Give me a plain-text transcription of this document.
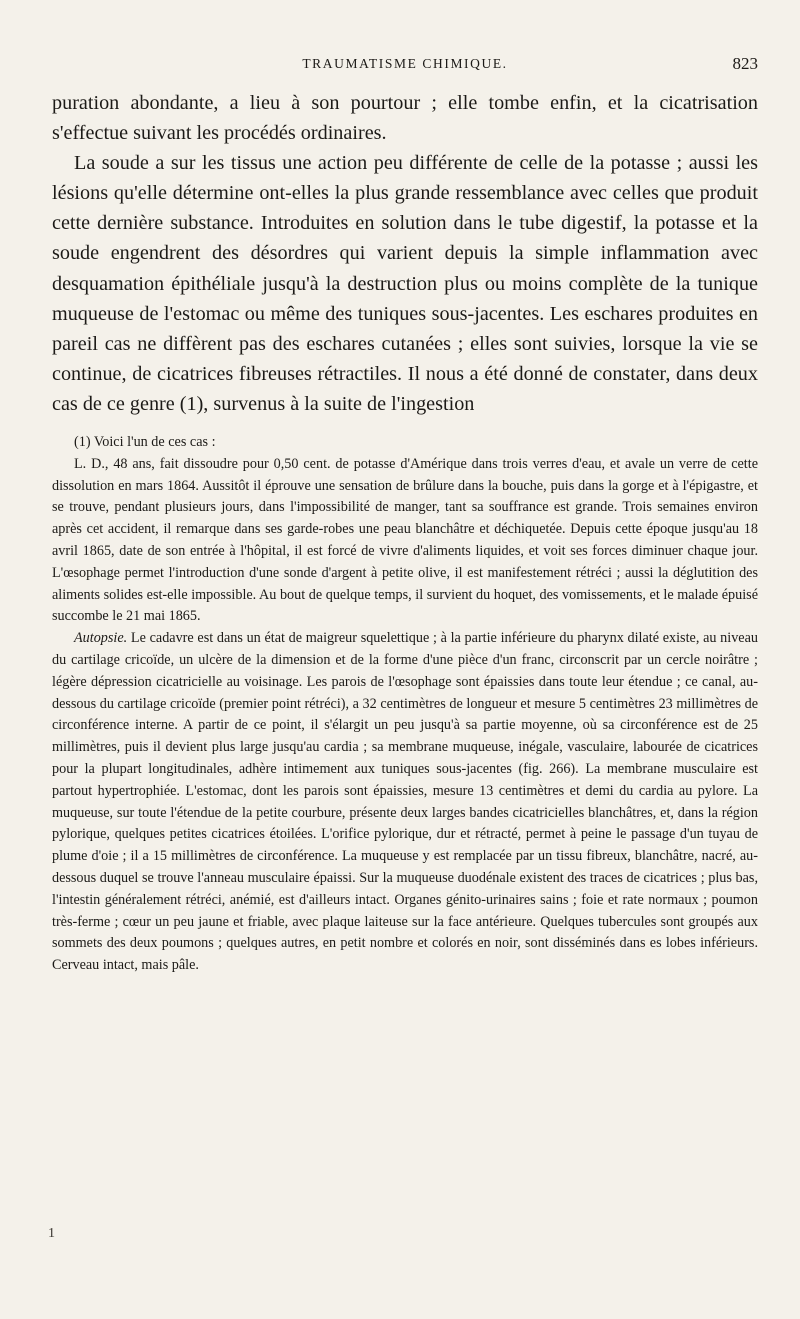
TRAUMATISME CHIMIQUE.	823

puration abondante, a lieu à son pourtour ; elle tombe enfin, et la cicatrisation s'effectue suivant les procédés ordinaires.

La soude a sur les tissus une action peu différente de celle de la potasse ; aussi les lésions qu'elle détermine ont-elles la plus grande ressemblance avec celles que produit cette dernière substance. Introduites en solution dans le tube digestif, la potasse et la soude engendrent des désordres qui varient depuis la simple inflammation avec desquamation épithéliale jusqu'à la destruction plus ou moins complète de la tunique muqueuse de l'estomac ou même des tuniques sous-jacentes. Les eschares produites en pareil cas ne diffèrent pas des eschares cutanées ; elles sont suivies, lorsque la vie se continue, de cicatrices fibreuses rétractiles. Il nous a été donné de constater, dans deux cas de ce genre (1), survenus à la suite de l'ingestion

(1) Voici l'un de ces cas :

L. D., 48 ans, fait dissoudre pour 0,50 cent. de potasse d'Amérique dans trois verres d'eau, et avale un verre de cette dissolution en mars 1864. Aussitôt il éprouve une sensation de brûlure dans la bouche, puis dans la gorge et à l'épigastre, et se trouve, pendant plusieurs jours, dans l'impossibilité de manger, tant sa souffrance est grande. Trois semaines environ après cet accident, il remarque dans ses garde-robes une peau blanchâtre et déchiquetée. Depuis cette époque jusqu'au 18 avril 1865, date de son entrée à l'hôpital, il est forcé de vivre d'aliments liquides, et voit ses forces diminuer chaque jour. L'œsophage permet l'introduction d'une sonde d'argent à petite olive, il est manifestement rétréci ; aussi la déglutition des aliments solides est-elle impossible. Au bout de quelque temps, il survient du hoquet, des vomissements, et le malade épuisé succombe le 21 mai 1865.

Autopsie. Le cadavre est dans un état de maigreur squelettique ; à la partie inférieure du pharynx dilaté existe, au niveau du cartilage cricoïde, un ulcère de la dimension et de la forme d'une pièce d'un franc, circonscrit par un cercle noirâtre ; légère dépression cicatricielle au voisinage. Les parois de l'œsophage sont épaissies dans toute leur étendue ; ce canal, au-dessous du cartilage cricoïde (premier point rétréci), a 32 centimètres de longueur et mesure 5 centimètres 23 millimètres de circonférence interne. A partir de ce point, il s'élargit un peu jusqu'à sa partie moyenne, où sa circonférence est de 25 millimètres, puis il devient plus large jusqu'au cardia ; sa membrane muqueuse, inégale, vasculaire, labourée de cicatrices pour la plupart longitudinales, adhère intimement aux tuniques sous-jacentes (fig. 266). La membrane musculaire est partout hypertrophiée. L'estomac, dont les parois sont épaissies, mesure 13 centimètres et demi du cardia au pylore. La muqueuse, sur toute l'étendue de la petite courbure, présente deux larges bandes cicatricielles blanchâtres, et, dans la région pylorique, quelques petites cicatrices étoilées. L'orifice pylorique, dur et rétracté, permet à peine le passage d'un tuyau de plume d'oie ; il a 15 millimètres de circonférence. La muqueuse y est remplacée par un tissu fibreux, blanchâtre, nacré, au-dessous duquel se trouve l'anneau musculaire épaissi. Sur la muqueuse duodénale existent des traces de cicatrices ; plus bas, l'intestin généralement rétréci, anémié, est d'ailleurs intact. Organes génito-urinaires sains ; foie et rate normaux ; poumon très-ferme ; cœur un peu jaune et friable, avec plaque laiteuse sur la face antérieure. Quelques tubercules sont groupés aux sommets des deux poumons ; quelques autres, en petit nombre et colorés en noir, sont disséminés dans es lobes inférieurs. Cerveau intact, mais pâle.

1
